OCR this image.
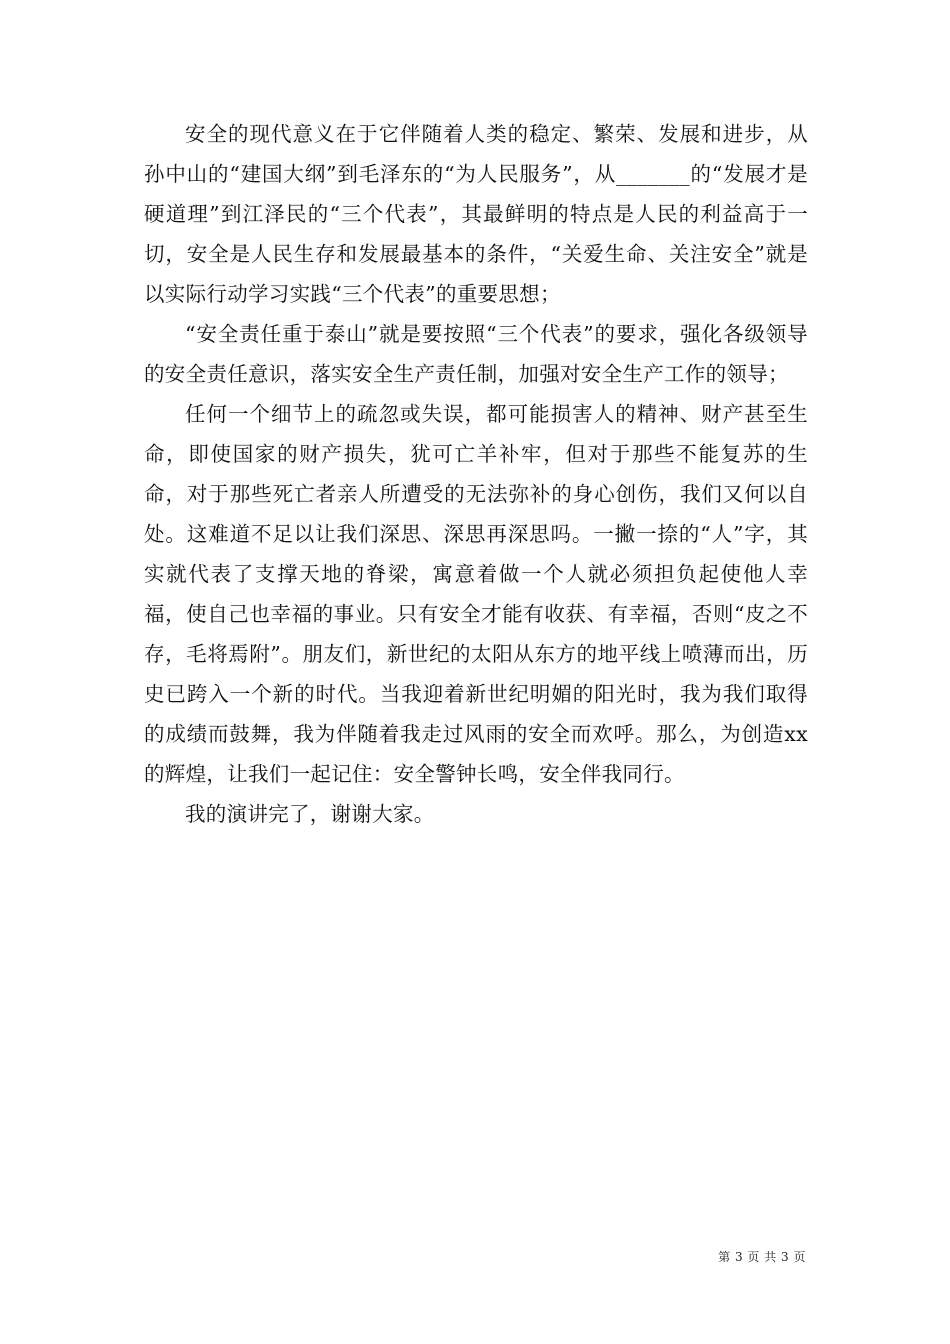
安全的现代意义在于它伴随着人类的稳定、繁荣、发展和进步，从孙中山的“建国大纲”到毛泽东的“为人民服务”，从_______的“发展才是硬道理”到江泽民的“三个代表”，其最鲜明的特点是人民的利益高于一切，安全是人民生存和发展最基本的条件，“关爱生命、关注安全”就是以实际行动学习实践“三个代表”的重要思想；

“安全责任重于泰山”就是要按照“三个代表”的要求，强化各级领导的安全责任意识，落实安全生产责任制，加强对安全生产工作的领导；

任何一个细节上的疏忽或失误，都可能损害人的精神、财产甚至生命，即使国家的财产损失，犹可亡羊补牢，但对于那些不能复苏的生命，对于那些死亡者亲人所遭受的无法弥补的身心创伤，我们又何以自处。这难道不足以让我们深思、深思再深思吗。一撇一捺的“人”字，其实就代表了支撑天地的脊梁，寓意着做一个人就必须担负起使他人幸福，使自己也幸福的事业。只有安全才能有收获、有幸福，否则“皮之不存，毛将焉附”。朋友们，新世纪的太阳从东方的地平线上喷薄而出，历史已跨入一个新的时代。当我迎着新世纪明媚的阳光时，我为我们取得的成绩而鼓舞，我为伴随着我走过风雨的安全而欢呼。那么，为创造xx的辉煌，让我们一起记住：安全警钟长鸣，安全伴我同行。

我的演讲完了，谢谢大家。

第 3 页 共 3 页
